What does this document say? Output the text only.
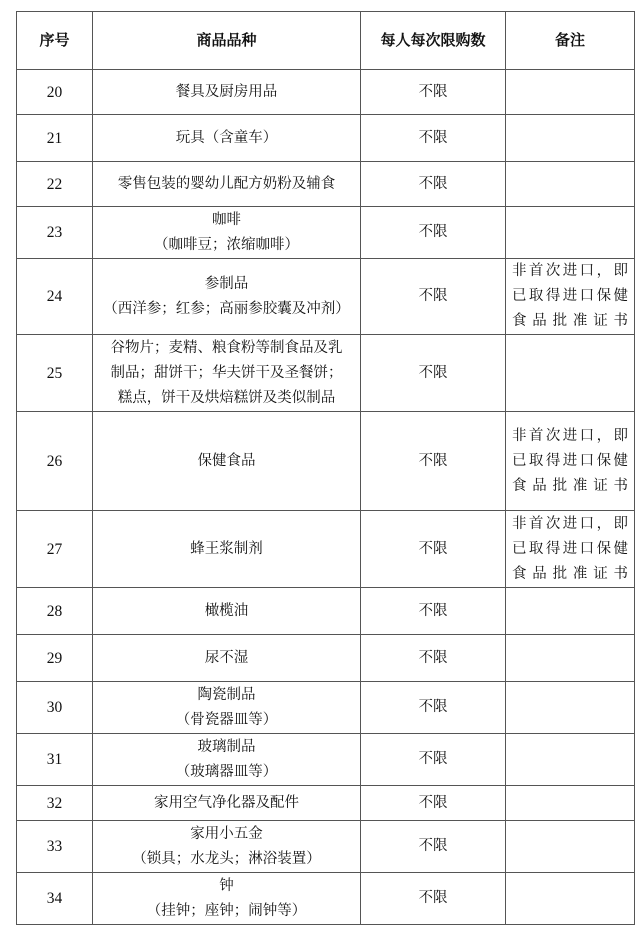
序号	商品品种	每人每次限购数	备注
20	餐具及厨房用品	不限	
21	玩具（含童车）	不限	
22	零售包装的婴幼儿配方奶粉及辅食	不限	
23	咖啡
（咖啡豆；浓缩咖啡）	不限	
24	参制品
（西洋参；红参；高丽参胶囊及冲剂）	不限	非首次进口，即
已取得进口保健
食品批准证书

25	谷物片；麦精、粮食粉等制食品及乳
制品；甜饼干；华夫饼干及圣餐饼；
糕点，饼干及烘焙糕饼及类似制品	不限	
26	保健食品	不限	非首次进口，即
已取得进口保健
食品批准证书

27	蜂王浆制剂	不限	非首次进口，即
已取得进口保健
食品批准证书

28	橄榄油	不限	
29	尿不湿	不限	
30	陶瓷制品
（骨瓷器皿等）	不限	
31	玻璃制品
（玻璃器皿等）	不限	
32	家用空气净化器及配件	不限	
33	家用小五金
（锁具；水龙头；淋浴装置）	不限	
34	钟
（挂钟；座钟；闹钟等）	不限	
